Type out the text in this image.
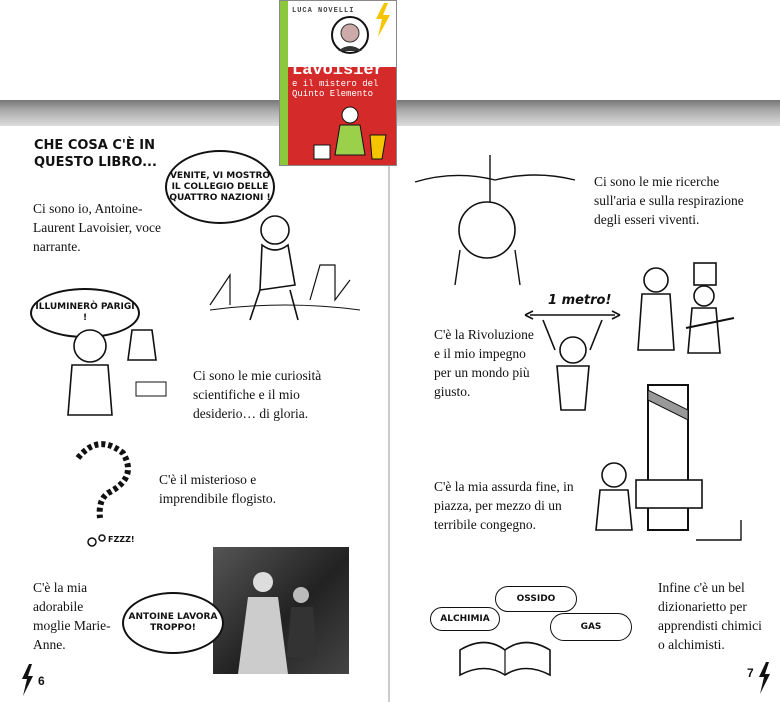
LUCA NOVELLI
Lavoisier
e il mistero del Quinto Elemento
CHE COSA C'È IN QUESTO LIBRO...
Ci sono io, Antoine-Laurent Lavoisier, voce narrante.
VENITE, VI MOSTRO IL COLLEGIO DELLE QUATTRO NAZIONI !
ILLUMINERÒ PARIGI !
Ci sono le mie curiosità scientifiche e il mio desiderio… di gloria.
FZZZ!
C'è il misterioso e imprendibile flogisto.
C'è la mia adorabile moglie Marie-Anne.
ANTOINE LAVORA TROPPO!
6
Ci sono le mie ricerche sull'aria e sulla respirazione degli esseri viventi.
C'è la Rivoluzione e il mio impegno per un mondo più giusto.
1 metro!
C'è la mia assurda fine, in piazza, per mezzo di un terribile congegno.
OSSIDO
ALCHIMIA
GAS
Infine c'è un bel dizionarietto per apprendisti chimici o alchimisti.
7
